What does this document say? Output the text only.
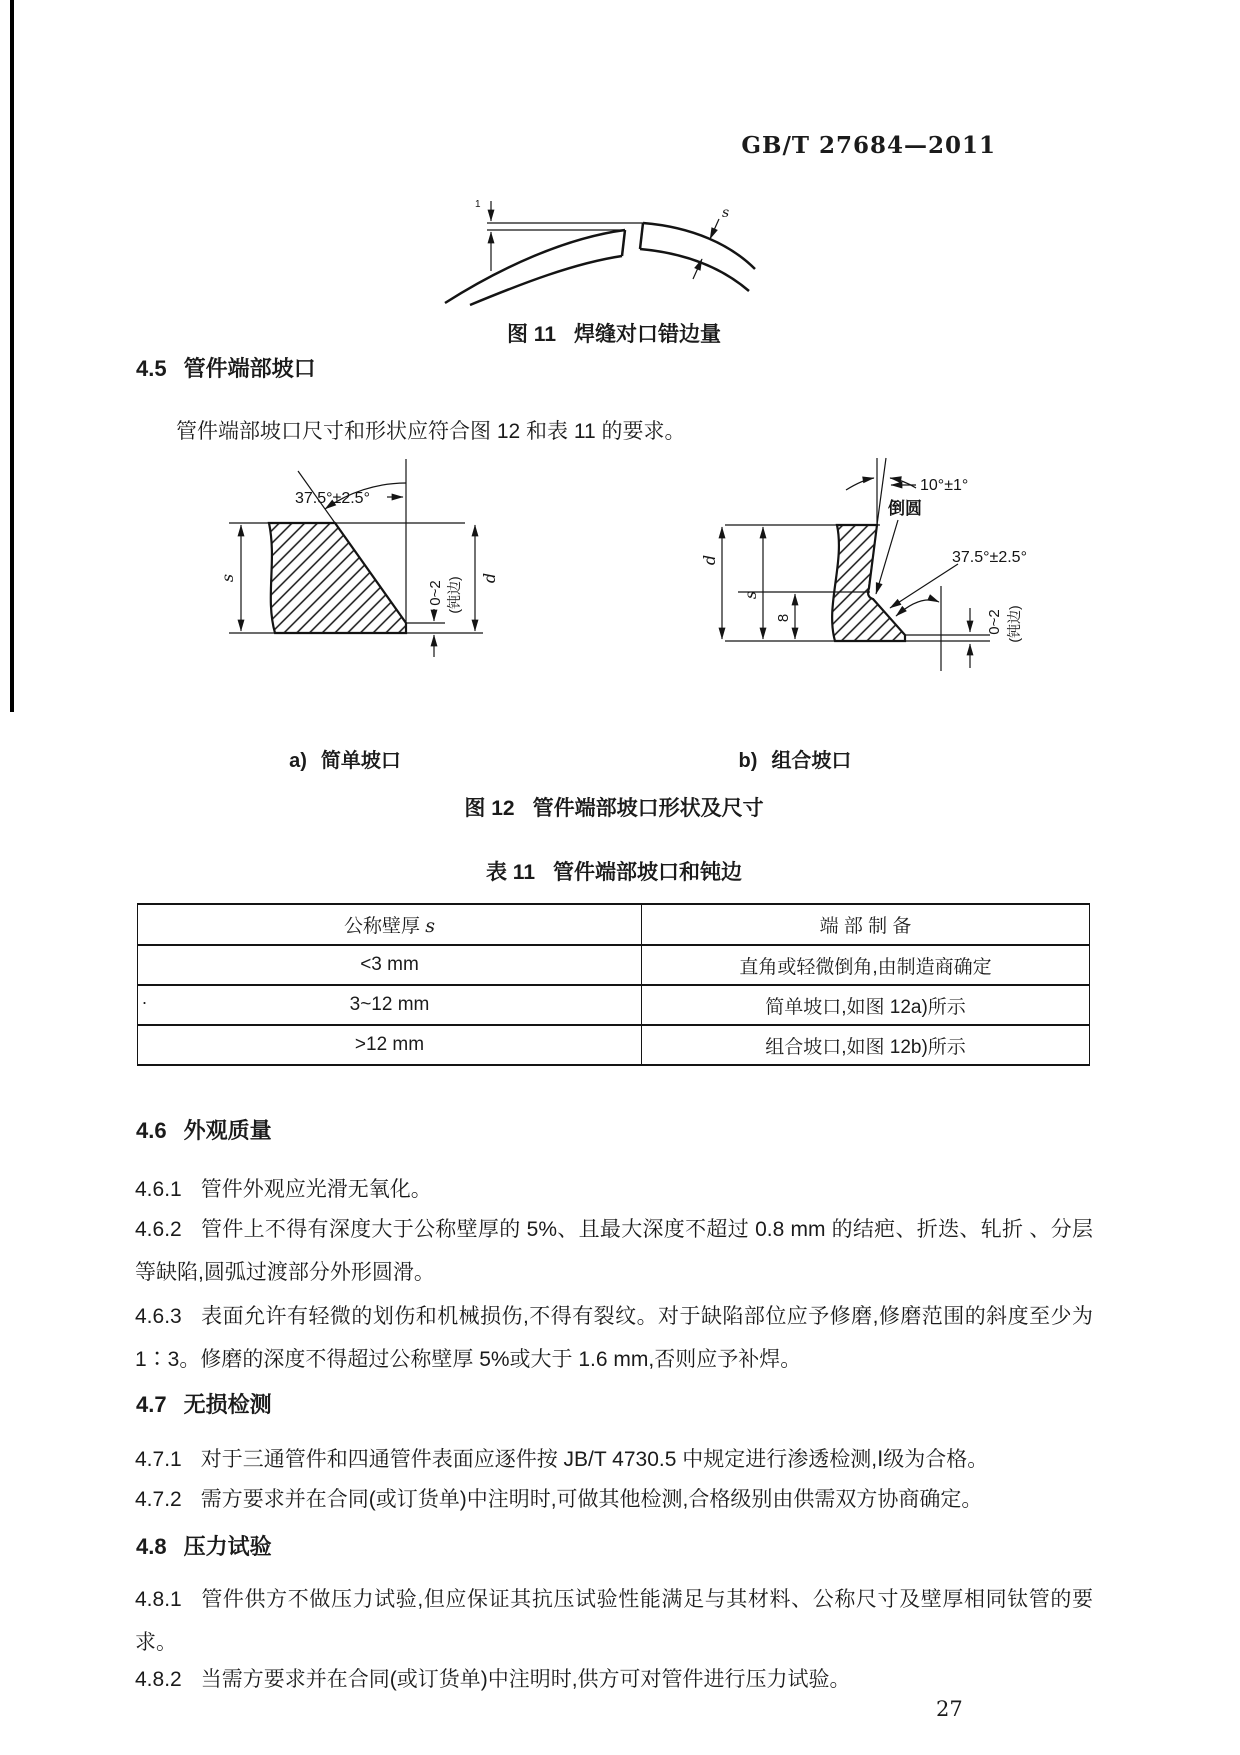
GB/T 27684—2011
1
s
图 11 焊缝对口错边量
4.5 管件端部坡口

管件端部坡口尺寸和形状应符合图 12 和表 11 的要求。

37.5°±2.5°
s
0~2 (钝边) d
d
s
8
10°±1°
倒圆
37.5°±2.5°
0~2 (钝边)
a) 简单坡口	b) 组合坡口
图 12 管件端部坡口形状及尺寸
表 11 管件端部坡口和钝边
公称壁厚 s	端 部 制 备
<3 mm	直角或轻微倒角,由制造商确定
3~12 mm	简单坡口,如图 12a)所示
>12 mm	组合坡口,如图 12b)所示
.
4.6 外观质量

4.6.1 管件外观应光滑无氧化。

4.6.2 管件上不得有深度大于公称壁厚的 5%、且最大深度不超过 0.8 mm 的结疤、折迭、轧折 、分层等缺陷,圆弧过渡部分外形圆滑。

4.6.3 表面允许有轻微的划伤和机械损伤,不得有裂纹。对于缺陷部位应予修磨,修磨范围的斜度至少为 1∶3。修磨的深度不得超过公称壁厚 5%或大于 1.6 mm,否则应予补焊。

4.7 无损检测

4.7.1 对于三通管件和四通管件表面应逐件按 JB/T 4730.5 中规定进行渗透检测,Ⅰ级为合格。

4.7.2 需方要求并在合同(或订货单)中注明时,可做其他检测,合格级别由供需双方协商确定。

4.8 压力试验

4.8.1 管件供方不做压力试验,但应保证其抗压试验性能满足与其材料、公称尺寸及壁厚相同钛管的要求。

4.8.2 当需方要求并在合同(或订货单)中注明时,供方可对管件进行压力试验。

27
